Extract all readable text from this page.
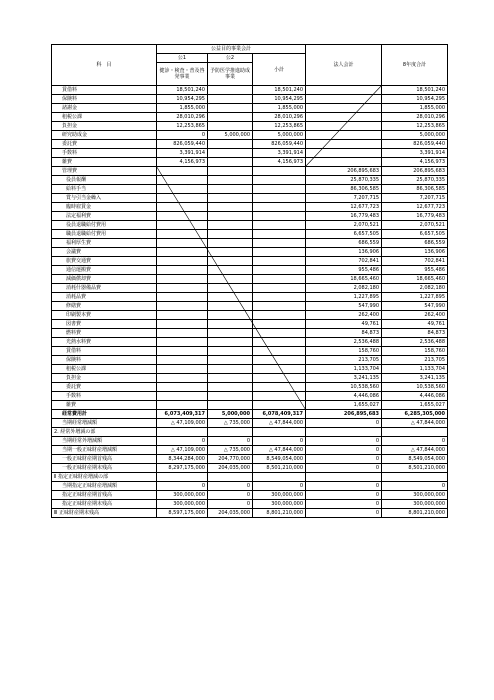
科　目	公益目的事業会計			法人会計	8年度合計
	公1	公2	小計		
	健診・検査・普及啓発事業	予防医学推進助成事業			
賃借料	18,501,240		18,501,240		18,501,240
保険料	10,954,295		10,954,295		10,954,295
諸謝金	1,855,000		1,855,000		1,855,000
租税公課	28,010,296		28,010,296		28,010,296
負担金	12,253,865		12,253,865		12,253,865
研究助成金	0	5,000,000	5,000,000		5,000,000
委託費	826,059,440		826,059,440		826,059,440
手数料	3,391,914		3,391,914		3,391,914
雑費	4,156,973		4,156,973		4,156,973
管理費				206,895,683	206,895,683
役員報酬				25,870,335	25,870,335
給料手当				86,306,585	86,306,585
賞与引当金繰入				7,207,715	7,207,715
臨時雇賃金				12,677,723	12,677,723
法定福利費				16,779,483	16,779,483
役員退職給付費用				2,070,521	2,070,521
職員退職給付費用				6,657,505	6,657,505
福利厚生費				686,559	686,559
会議費				136,906	136,906
旅費交通費				702,841	702,841
通信運搬費				955,486	955,486
減価償却費				18,665,460	18,665,460
消耗什器備品費				2,082,180	2,082,180
消耗品費				1,227,895	1,227,895
修繕費				547,990	547,990
印刷製本費				262,400	262,400
図書費				49,761	49,761
燃料費				84,873	84,873
光熱水料費				2,536,488	2,536,488
賃借料				158,760	158,760
保険料				213,705	213,705
租税公課				1,133,704	1,133,704
負担金				3,241,135	3,241,135
委託費				10,538,560	10,538,560
手数料				4,446,086	4,446,086
雑費				1,655,027	1,655,027
経常費用計	6,073,409,317	5,000,000	6,078,409,317	206,895,683	6,285,305,000
当期経常増減額	△ 47,109,000	△ 735,000	△ 47,844,000	0	△ 47,844,000
2. 経常外増減の部					
当期経常外増減額	0	0	0	0	0
当期一般正味財産増減額	△ 47,109,000	△ 735,000	△ 47,844,000	0	△ 47,844,000
一般正味財産期首残高	8,344,284,000	204,770,000	8,549,054,000	0	8,549,054,000
一般正味財産期末残高	8,297,175,000	204,035,000	8,501,210,000	0	8,501,210,000
Ⅱ 指定正味財産増減の部					
当期指定正味財産増減額	0	0	0	0	0
指定正味財産期首残高	300,000,000	0	300,000,000	0	300,000,000
指定正味財産期末残高	300,000,000	0	300,000,000	0	300,000,000
Ⅲ 正味財産期末残高	8,597,175,000	204,035,000	8,801,210,000	0	8,801,210,000
